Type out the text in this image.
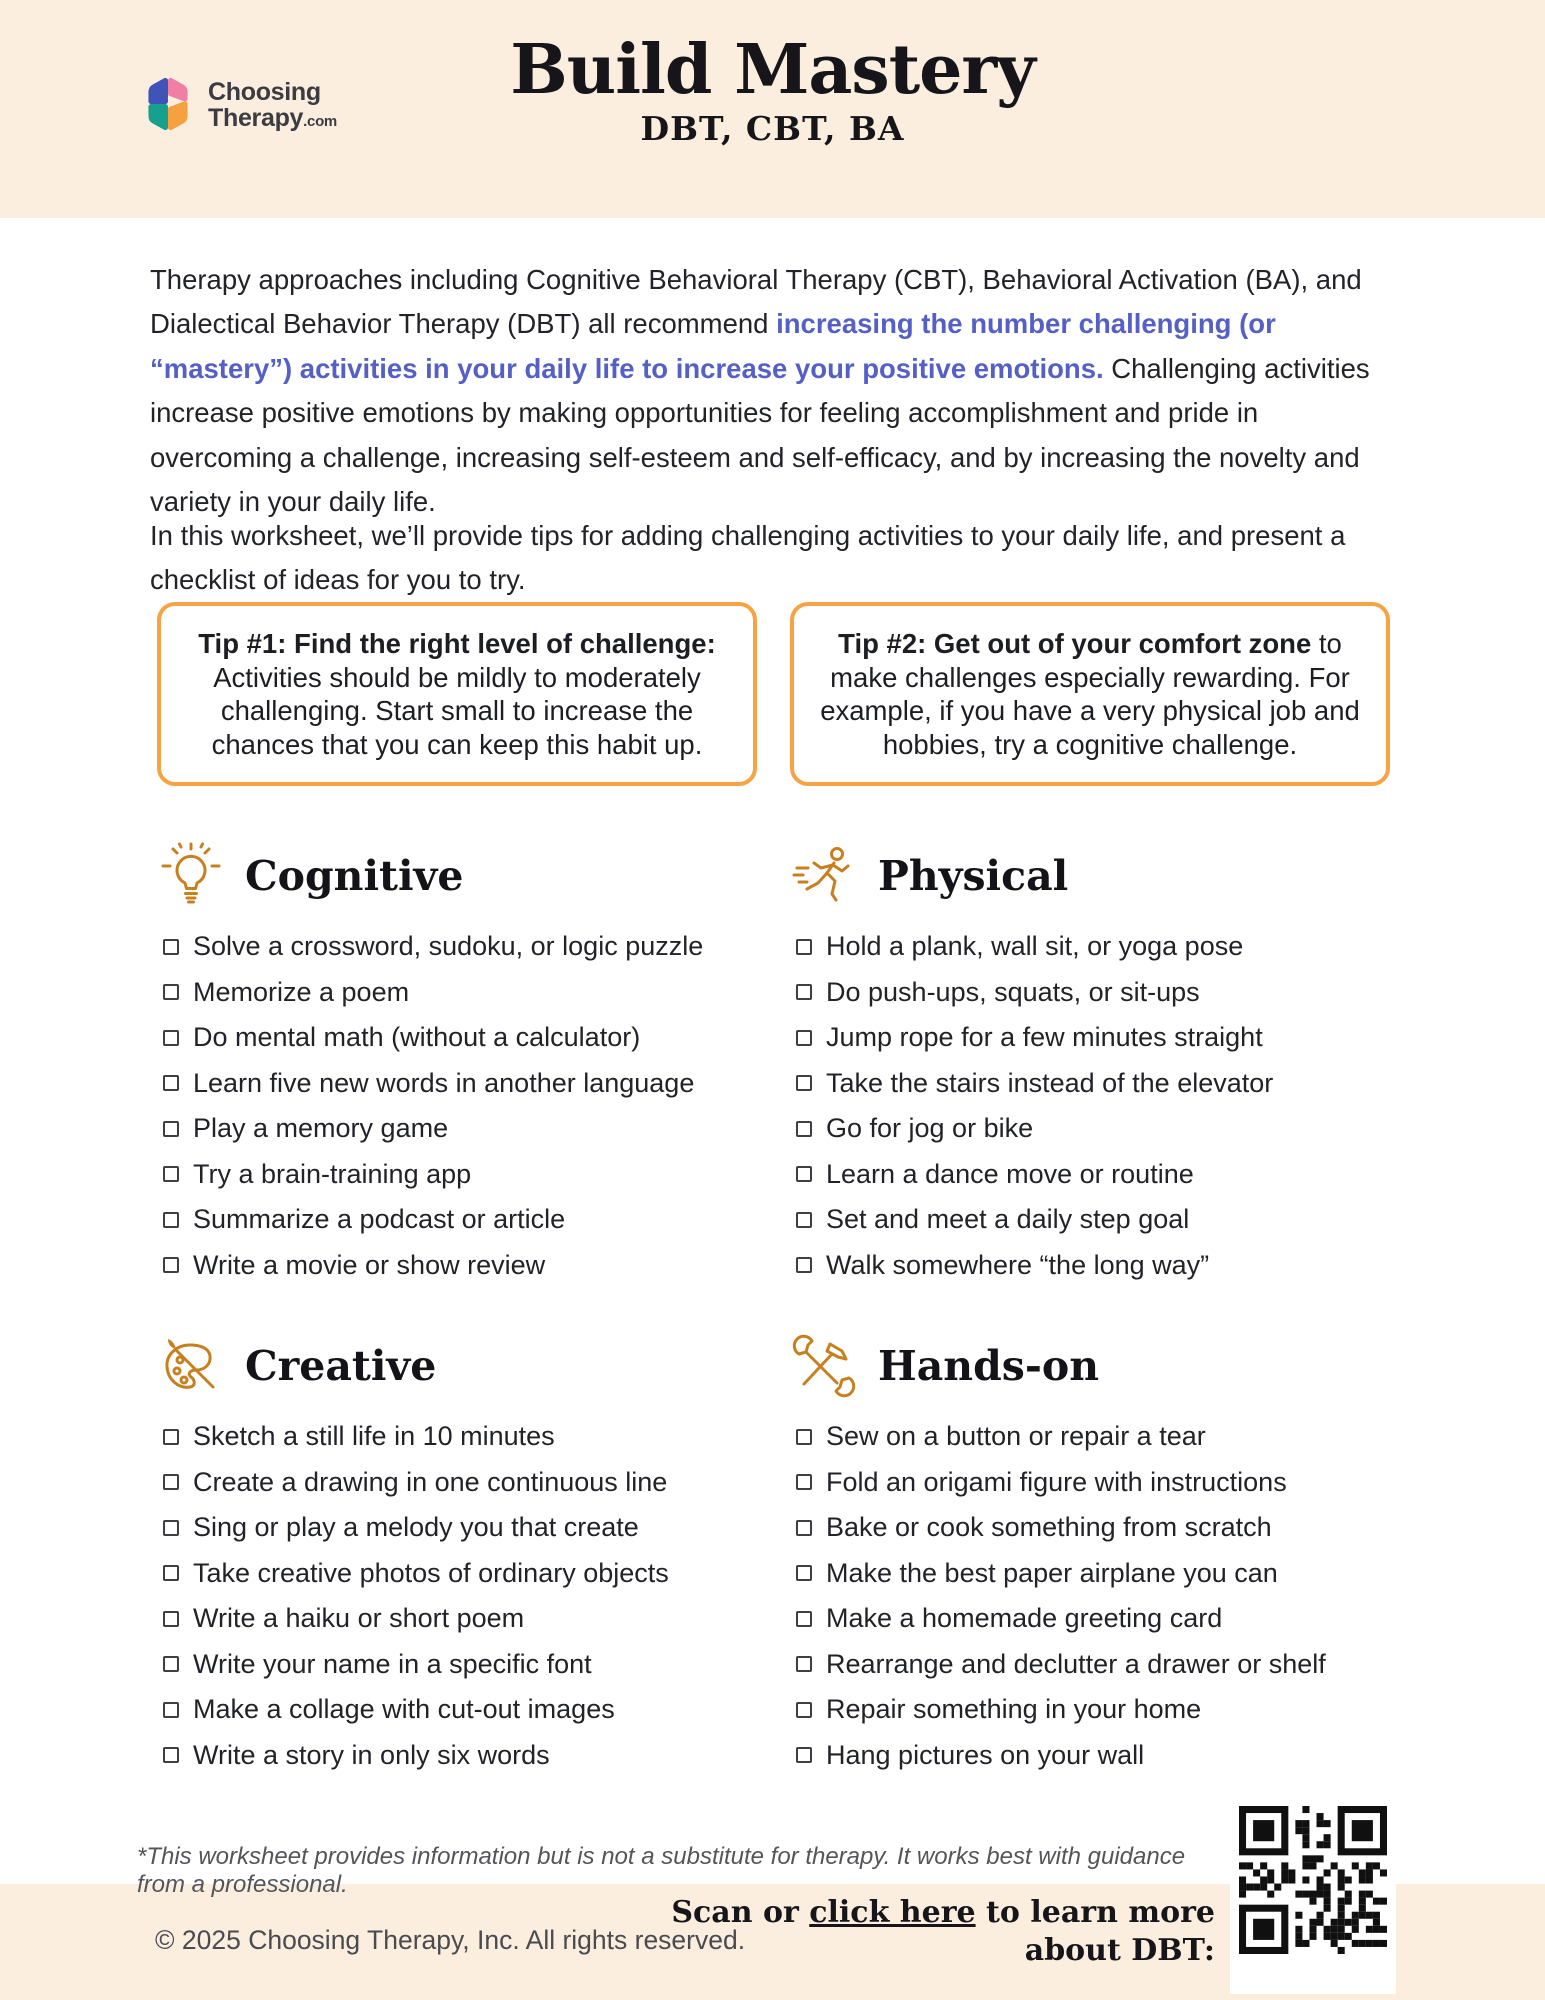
Choosing
Therapy.com
Build Mastery
DBT, CBT, BA

Therapy approaches including Cognitive Behavioral Therapy (CBT), Behavioral Activation (BA), and Dialectical Behavior Therapy (DBT) all recommend increasing the number challenging (or “mastery”) activities in your daily life to increase your positive emotions. Challenging activities increase positive emotions by making opportunities for feeling accomplishment and pride in overcoming a challenge, increasing self-esteem and self-efficacy, and by increasing the novelty and variety in your daily life.

In this worksheet, we’ll provide tips for adding challenging activities to your daily life, and present a checklist of ideas for you to try.

Tip #1: Find the right level of challenge: Activities should be mildly to moderately challenging. Start small to increase the chances that you can keep this habit up.
Tip #2: Get out of your comfort zone to make challenges especially rewarding. For example, if you have a very physical job and hobbies, try a cognitive challenge.
Cognitive
Solve a crossword, sudoku, or logic puzzle
Memorize a poem
Do mental math (without a calculator)
Learn five new words in another language
Play a memory game
Try a brain-training app
Summarize a podcast or article
Write a movie or show review
Physical
Hold a plank, wall sit, or yoga pose
Do push-ups, squats, or sit-ups
Jump rope for a few minutes straight
Take the stairs instead of the elevator
Go for jog or bike
Learn a dance move or routine
Set and meet a daily step goal
Walk somewhere “the long way”
Creative
Sketch a still life in 10 minutes
Create a drawing in one continuous line
Sing or play a melody you that create
Take creative photos of ordinary objects
Write a haiku or short poem
Write your name in a specific font
Make a collage with cut-out images
Write a story in only six words
Hands-on
Sew on a button or repair a tear
Fold an origami figure with instructions
Bake or cook something from scratch
Make the best paper airplane you can
Make a homemade greeting card
Rearrange and declutter a drawer or shelf
Repair something in your home
Hang pictures on your wall
*This worksheet provides information but is not a substitute for therapy. It works best with guidance from a professional.
© 2025 Choosing Therapy, Inc. All rights reserved.
Scan or click here to learn more
about DBT:
